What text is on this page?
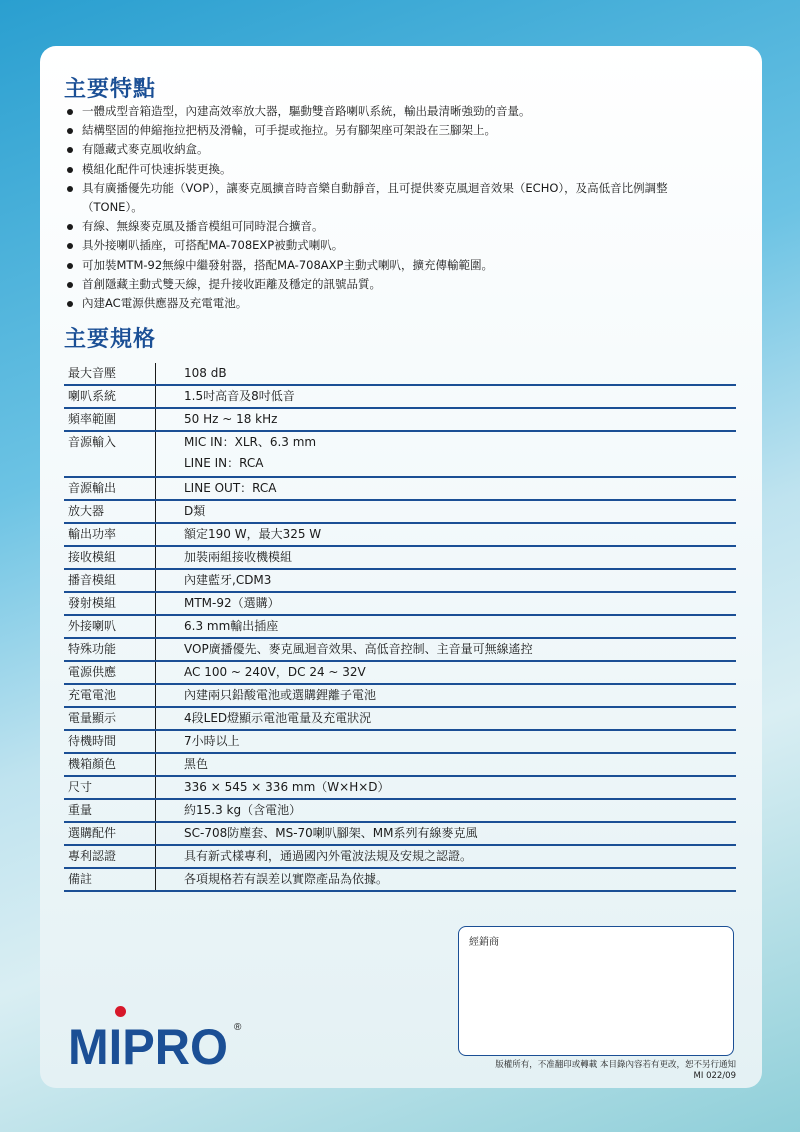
主要特點
一體成型音箱造型，內建高效率放大器，驅動雙音路喇叭系統，輸出最清晰強勁的音量。
結構堅固的伸縮拖拉把柄及滑輪，可手提或拖拉。另有腳架座可架設在三腳架上。
有隱藏式麥克風收納盒。
模組化配件可快速拆裝更換。
具有廣播優先功能（VOP），讓麥克風擴音時音樂自動靜音，且可提供麥克風迴音效果（ECHO），及高低音比例調整（TONE）。
有線、無線麥克風及播音模組可同時混合擴音。
具外接喇叭插座，可搭配MA-708EXP被動式喇叭。
可加裝MTM-92無線中繼發射器，搭配MA-708AXP主動式喇叭，擴充傳輸範圍。
首創隱藏主動式雙天線，提升接收距離及穩定的訊號品質。
內建AC電源供應器及充電電池。
主要規格
最大音壓	108 dB
喇叭系統	1.5吋高音及8吋低音
頻率範圍	50 Hz ~ 18 kHz
音源輸入	MIC IN：XLR、6.3 mm
LINE IN：RCA

音源輸出	LINE OUT：RCA
放大器	D類
輸出功率	額定190 W，最大325 W
接收模組	加裝兩組接收機模組
播音模組	內建藍牙,CDM3
發射模組	MTM-92（選購）
外接喇叭	6.3 mm輸出插座
特殊功能	VOP廣播優先、麥克風迴音效果、高低音控制、主音量可無線遙控
電源供應	AC 100 ~ 240V，DC 24 ~ 32V
充電電池	內建兩只鉛酸電池或選購鋰離子電池
電量顯示	4段LED燈顯示電池電量及充電狀況
待機時間	7小時以上
機箱顏色	黑色
尺寸	336 × 545 × 336 mm（W×H×D）
重量	約15.3 kg（含電池）
選購配件	SC-708防塵套、MS-70喇叭腳架、MM系列有線麥克風
專利認證	具有新式樣專利，通過國內外電波法規及安規之認證。
備註	各項規格若有誤差以實際產品為依據。
經銷商
MIPRO ®
版權所有，不准翻印或轉載 本目錄內容若有更改，恕不另行通知
MI 022/09
